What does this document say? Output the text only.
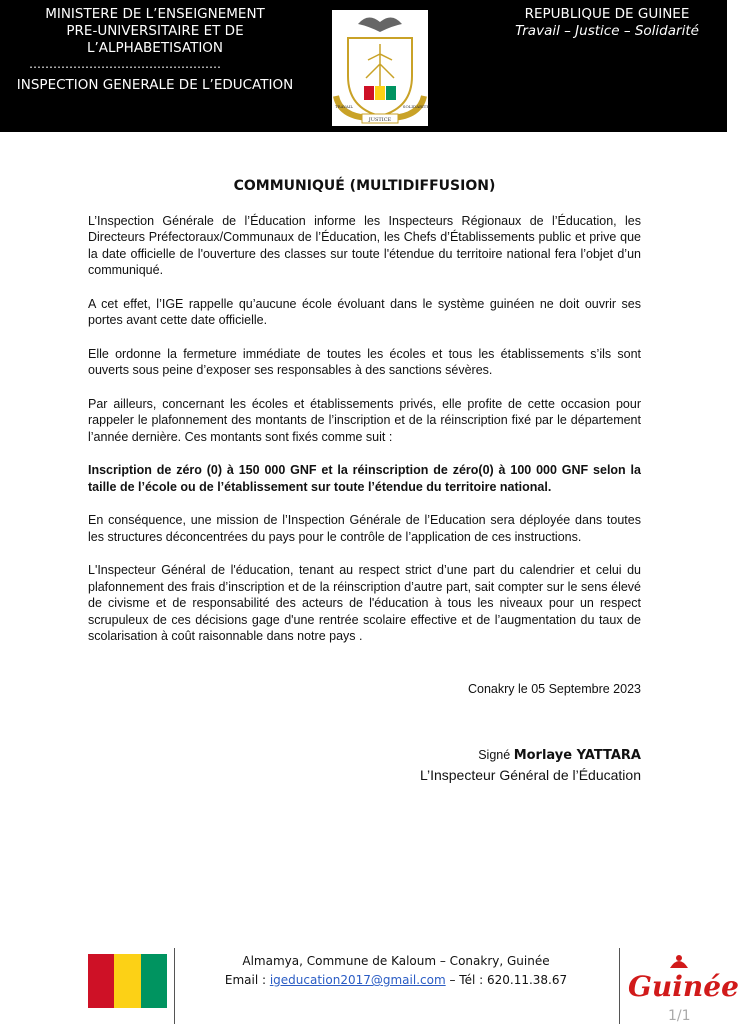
MINISTERE DE L’ENSEIGNEMENT
PRE-UNIVERSITAIRE ET DE
L’ALPHABETISATION
…………………………………………
INSPECTION GENERALE DE L’EDUCATION
JUSTICE
TRAVAIL	SOLIDARITE
REPUBLIQUE DE GUINEE
Travail – Justice – Solidarité
COMMUNIQUÉ (MULTIDIFFUSION)

L’Inspection Générale de l’Éducation informe les Inspecteurs Régionaux de l’Éducation, les Directeurs Préfectoraux/Communaux de l’Éducation, les Chefs d’Établissements public et prive que la date officielle de l'ouverture des classes sur toute l'étendue du territoire national fera l’objet d’un communiqué.

A cet effet, l’IGE rappelle qu’aucune école évoluant dans le système guinéen ne doit ouvrir ses portes avant cette date officielle.

Elle ordonne la fermeture immédiate de toutes les écoles et tous les établissements s’ils sont ouverts sous peine d’exposer ses responsables à des sanctions sévères.

Par ailleurs, concernant les écoles et établissements privés, elle profite de cette occasion pour rappeler le plafonnement des montants de l’inscription et de la réinscription fixé par le département l’année dernière. Ces montants sont fixés comme suit :

Inscription de zéro (0) à 150 000 GNF et la réinscription de zéro(0) à 100 000 GNF selon la taille de l’école ou de l’établissement sur toute l’étendue du territoire national.

En conséquence, une mission de l’Inspection Générale de l’Education sera déployée dans toutes les structures déconcentrées du pays pour le contrôle de l’application de ces instructions.

L'Inspecteur Général de l'éducation, tenant au respect strict d’une part du calendrier et celui du plafonnement des frais d’inscription et de la réinscription d’autre part, sait compter sur le sens élevé de civisme et de responsabilité des acteurs de l'éducation à tous les niveaux pour un respect scrupuleux de ces décisions gage d'une rentrée scolaire effective et de l’augmentation du taux de scolarisation à coût raisonnable dans notre pays .

Conakry le 05 Septembre 2023
Signé Morlaye YATTARA
L’Inspecteur Général de l’Éducation
Almamya, Commune de Kaloum – Conakry, Guinée
Email : igeducation2017@gmail.com – Tél : 620.11.38.67	Guinée
1/1
